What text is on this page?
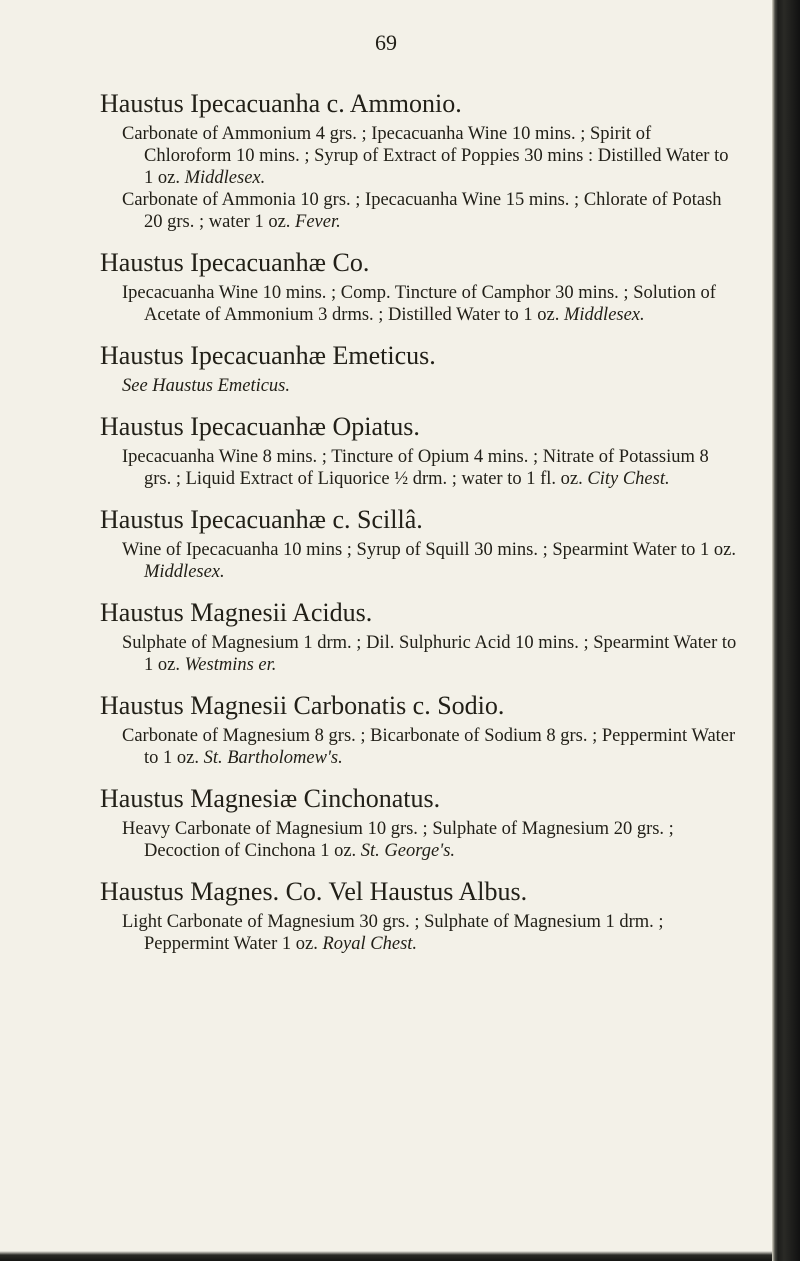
69
Haustus Ipecacuanha c. Ammonio.

Carbonate of Ammonium 4 grs. ; Ipecacuanha Wine 10 mins. ; Spirit of Chloroform 10 mins. ; Syrup of Extract of Poppies 30 mins : Distilled Water to 1 oz. Middlesex.

Carbonate of Ammonia 10 grs. ; Ipecacuanha Wine 15 mins. ; Chlorate of Potash 20 grs. ; water 1 oz. Fever.

Haustus Ipecacuanhæ Co.

Ipecacuanha Wine 10 mins. ; Comp. Tincture of Camphor 30 mins. ; Solution of Acetate of Ammonium 3 drms. ; Distilled Water to 1 oz. Middlesex.

Haustus Ipecacuanhæ Emeticus.

See Haustus Emeticus.

Haustus Ipecacuanhæ Opiatus.

Ipecacuanha Wine 8 mins. ; Tincture of Opium 4 mins. ; Nitrate of Potassium 8 grs. ; Liquid Extract of Liquorice ½ drm. ; water to 1 fl. oz. City Chest.

Haustus Ipecacuanhæ c. Scillâ.

Wine of Ipecacuanha 10 mins ; Syrup of Squill 30 mins. ; Spearmint Water to 1 oz. Middlesex.

Haustus Magnesii Acidus.

Sulphate of Magnesium 1 drm. ; Dil. Sulphuric Acid 10 mins. ; Spearmint Water to 1 oz. Westmins er.

Haustus Magnesii Carbonatis c. Sodio.

Carbonate of Magnesium 8 grs. ; Bicarbonate of Sodium 8 grs. ; Peppermint Water to 1 oz. St. Bartholomew's.

Haustus Magnesiæ Cinchonatus.

Heavy Carbonate of Magnesium 10 grs. ; Sulphate of Magnesium 20 grs. ; Decoction of Cinchona 1 oz. St. George's.

Haustus Magnes. Co. Vel Haustus Albus.

Light Carbonate of Magnesium 30 grs. ; Sulphate of Magnesium 1 drm. ; Peppermint Water 1 oz. Royal Chest.
